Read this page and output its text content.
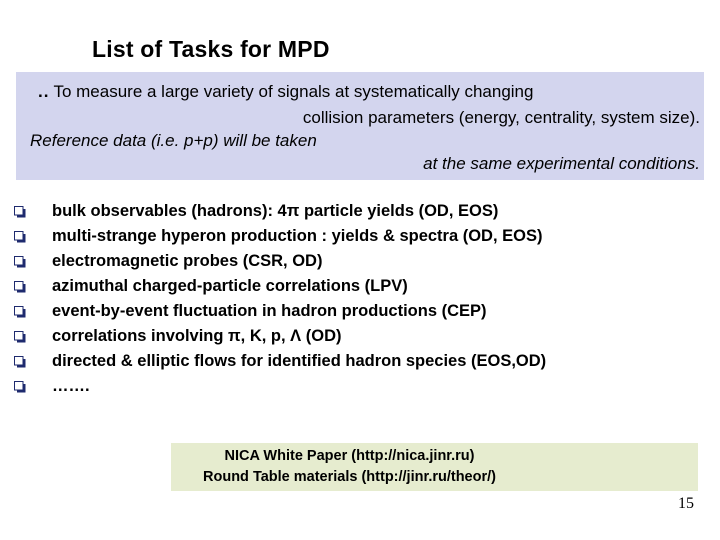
List of Tasks for MPD
.. To measure a large variety of signals at systematically changing
collision parameters (energy, centrality, system size).
Reference data (i.e. p+p) will be taken
at the same experimental conditions.
bulk observables (hadrons): 4π particle yields (OD, EOS)
multi-strange hyperon production : yields & spectra (OD, EOS)
electromagnetic probes (CSR, OD)
azimuthal charged-particle correlations (LPV)
event-by-event fluctuation in hadron productions (CEP)
correlations involving π, K, p, Λ (OD)
directed & elliptic flows for identified hadron species (EOS,OD)
…….
NICA White Paper (http://nica.jinr.ru)
Round Table materials (http://jinr.ru/theor/)
15
